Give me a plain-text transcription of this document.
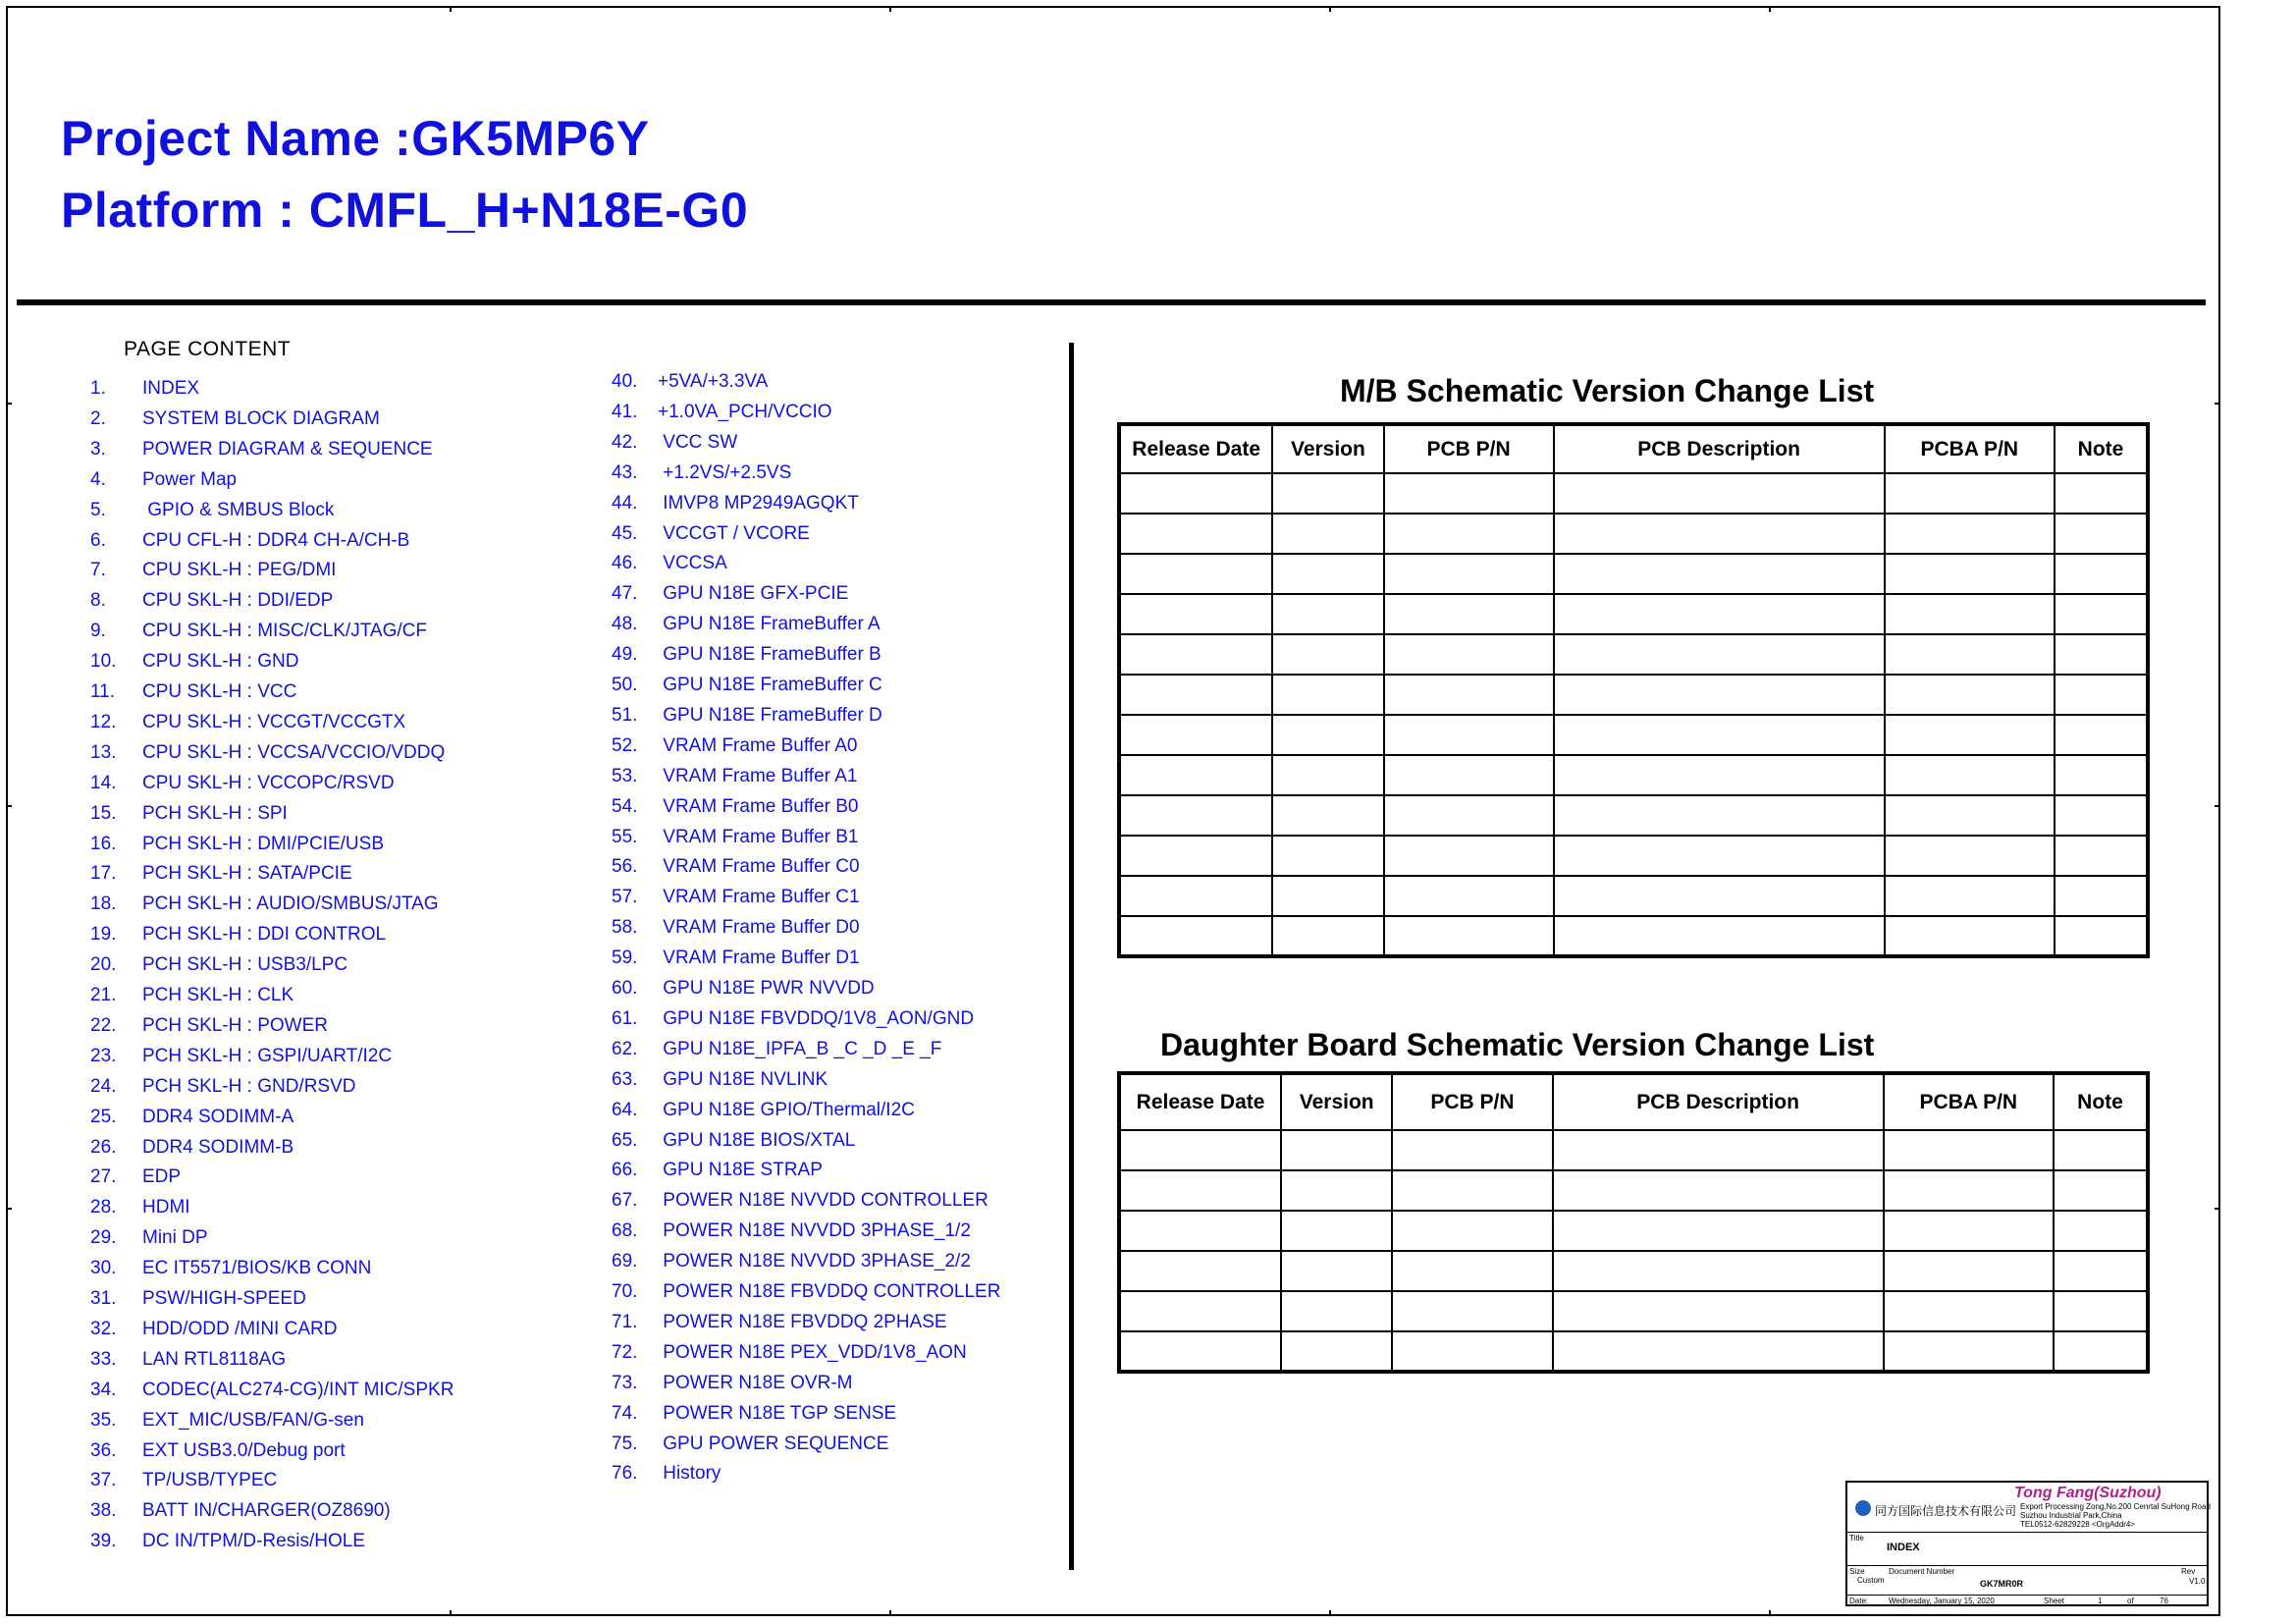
Project Name :GK5MP6Y
Platform : CMFL_H+N18E-G0
PAGE CONTENT
1. INDEX
2. SYSTEM BLOCK DIAGRAM
3. POWER DIAGRAM & SEQUENCE
4. Power Map
5. GPIO & SMBUS Block
6. CPU CFL-H : DDR4 CH-A/CH-B
7. CPU SKL-H : PEG/DMI
8. CPU SKL-H : DDI/EDP
9. CPU SKL-H : MISC/CLK/JTAG/CF
10. CPU SKL-H : GND
11. CPU SKL-H : VCC
12. CPU SKL-H : VCCGT/VCCGTX
13. CPU SKL-H : VCCSA/VCCIO/VDDQ
14. CPU SKL-H : VCCOPC/RSVD
15. PCH SKL-H : SPI
16. PCH SKL-H : DMI/PCIE/USB
17. PCH SKL-H : SATA/PCIE
18. PCH SKL-H : AUDIO/SMBUS/JTAG
19. PCH SKL-H : DDI CONTROL
20. PCH SKL-H : USB3/LPC
21. PCH SKL-H : CLK
22. PCH SKL-H : POWER
23. PCH SKL-H : GSPI/UART/I2C
24. PCH SKL-H : GND/RSVD
25. DDR4 SODIMM-A
26. DDR4 SODIMM-B
27. EDP
28. HDMI
29. Mini DP
30. EC IT5571/BIOS/KB CONN
31. PSW/HIGH-SPEED
32. HDD/ODD /MINI CARD
33. LAN RTL8118AG
34. CODEC(ALC274-CG)/INT MIC/SPKR
35. EXT_MIC/USB/FAN/G-sen
36. EXT USB3.0/Debug port
37. TP/USB/TYPEC
38. BATT IN/CHARGER(OZ8690)
39. DC IN/TPM/D-Resis/HOLE
40. +5VA/+3.3VA
41. +1.0VA_PCH/VCCIO
42. VCC SW
43. +1.2VS/+2.5VS
44. IMVP8 MP2949AGQKT
45. VCCGT / VCORE
46. VCCSA
47. GPU N18E GFX-PCIE
48. GPU N18E FrameBuffer A
49. GPU N18E FrameBuffer B
50. GPU N18E FrameBuffer C
51. GPU N18E FrameBuffer D
52. VRAM Frame Buffer A0
53. VRAM Frame Buffer A1
54. VRAM Frame Buffer B0
55. VRAM Frame Buffer B1
56. VRAM Frame Buffer C0
57. VRAM Frame Buffer C1
58. VRAM Frame Buffer D0
59. VRAM Frame Buffer D1
60. GPU N18E PWR NVVDD
61. GPU N18E FBVDDQ/1V8_AON/GND
62. GPU N18E_IPFA_B _C _D _E _F
63. GPU N18E NVLINK
64. GPU N18E GPIO/Thermal/I2C
65. GPU N18E BIOS/XTAL
66. GPU N18E STRAP
67. POWER N18E NVVDD CONTROLLER
68. POWER N18E NVVDD 3PHASE_1/2
69. POWER N18E NVVDD 3PHASE_2/2
70. POWER N18E FBVDDQ CONTROLLER
71. POWER N18E FBVDDQ 2PHASE
72. POWER N18E PEX_VDD/1V8_AON
73. POWER N18E OVR-M
74. POWER N18E TGP SENSE
75. GPU POWER SEQUENCE
76. History
M/B Schematic Version Change List
Release Date	Version	PCB P/N	PCB Description	PCBA P/N	Note

Daughter Board Schematic Version Change List
Release Date	Version	PCB P/N	PCB Description	PCBA P/N	Note

Tong Fang(Suzhou)
同方国际信息技术有限公司 Export Processing Zong,No.200 Cenrtal SuHong Road
Suzhou Industrial Park,China
TEL0512-62829228 <OrgAddr4>
Title
INDEX
Size
Custom
Document Number
GK7MR0R
Rev
V1.0
Date:	Wednesday, January 15, 2020	Sheet	1	of	76
